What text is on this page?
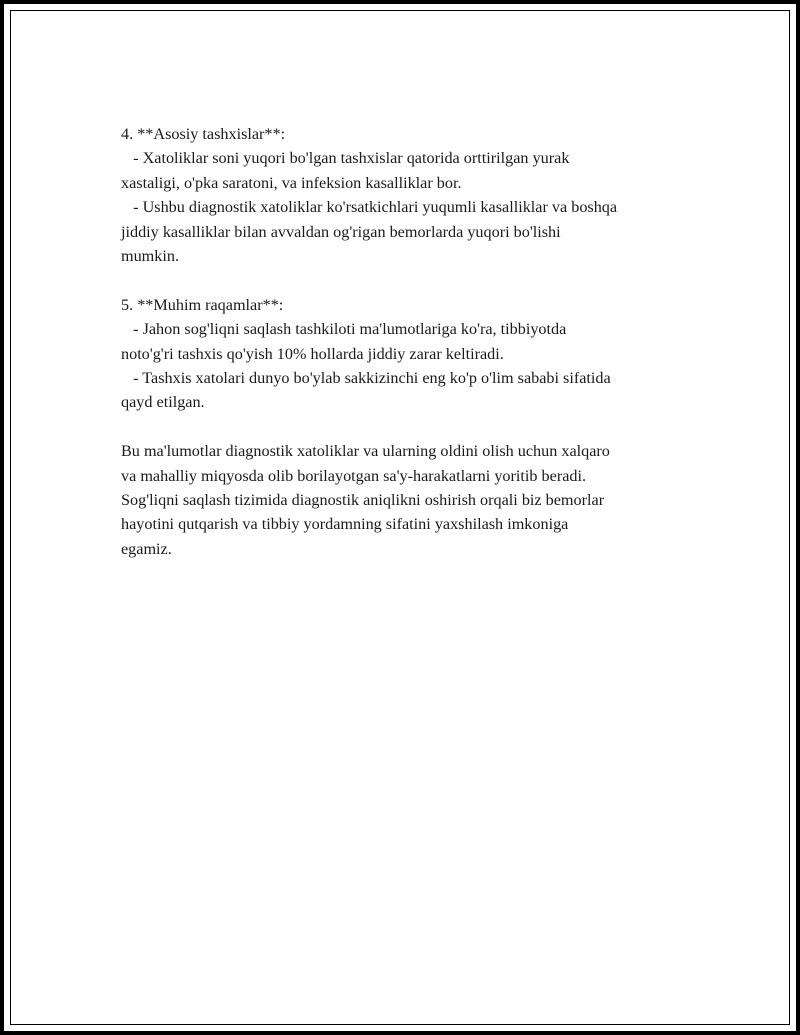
4. **Asosiy tashxislar**:
- Xatoliklar soni yuqori bo'lgan tashxislar qatorida orttirilgan yurak
xastaligi, o'pka saratoni, va infeksion kasalliklar bor.
- Ushbu diagnostik xatoliklar ko'rsatkichlari yuqumli kasalliklar va boshqa
jiddiy kasalliklar bilan avvaldan og'rigan bemorlarda yuqori bo'lishi
mumkin.
5. **Muhim raqamlar**:
- Jahon sog'liqni saqlash tashkiloti ma'lumotlariga ko'ra, tibbiyotda
noto'g'ri tashxis qo'yish 10% hollarda jiddiy zarar keltiradi.
- Tashxis xatolari dunyo bo'ylab sakkizinchi eng ko'p o'lim sababi sifatida
qayd etilgan.
Bu ma'lumotlar diagnostik xatoliklar va ularning oldini olish uchun xalqaro
va mahalliy miqyosda olib borilayotgan sa'y-harakatlarni yoritib beradi.
Sog'liqni saqlash tizimida diagnostik aniqlikni oshirish orqali biz bemorlar
hayotini qutqarish va tibbiy yordamning sifatini yaxshilash imkoniga
egamiz.
